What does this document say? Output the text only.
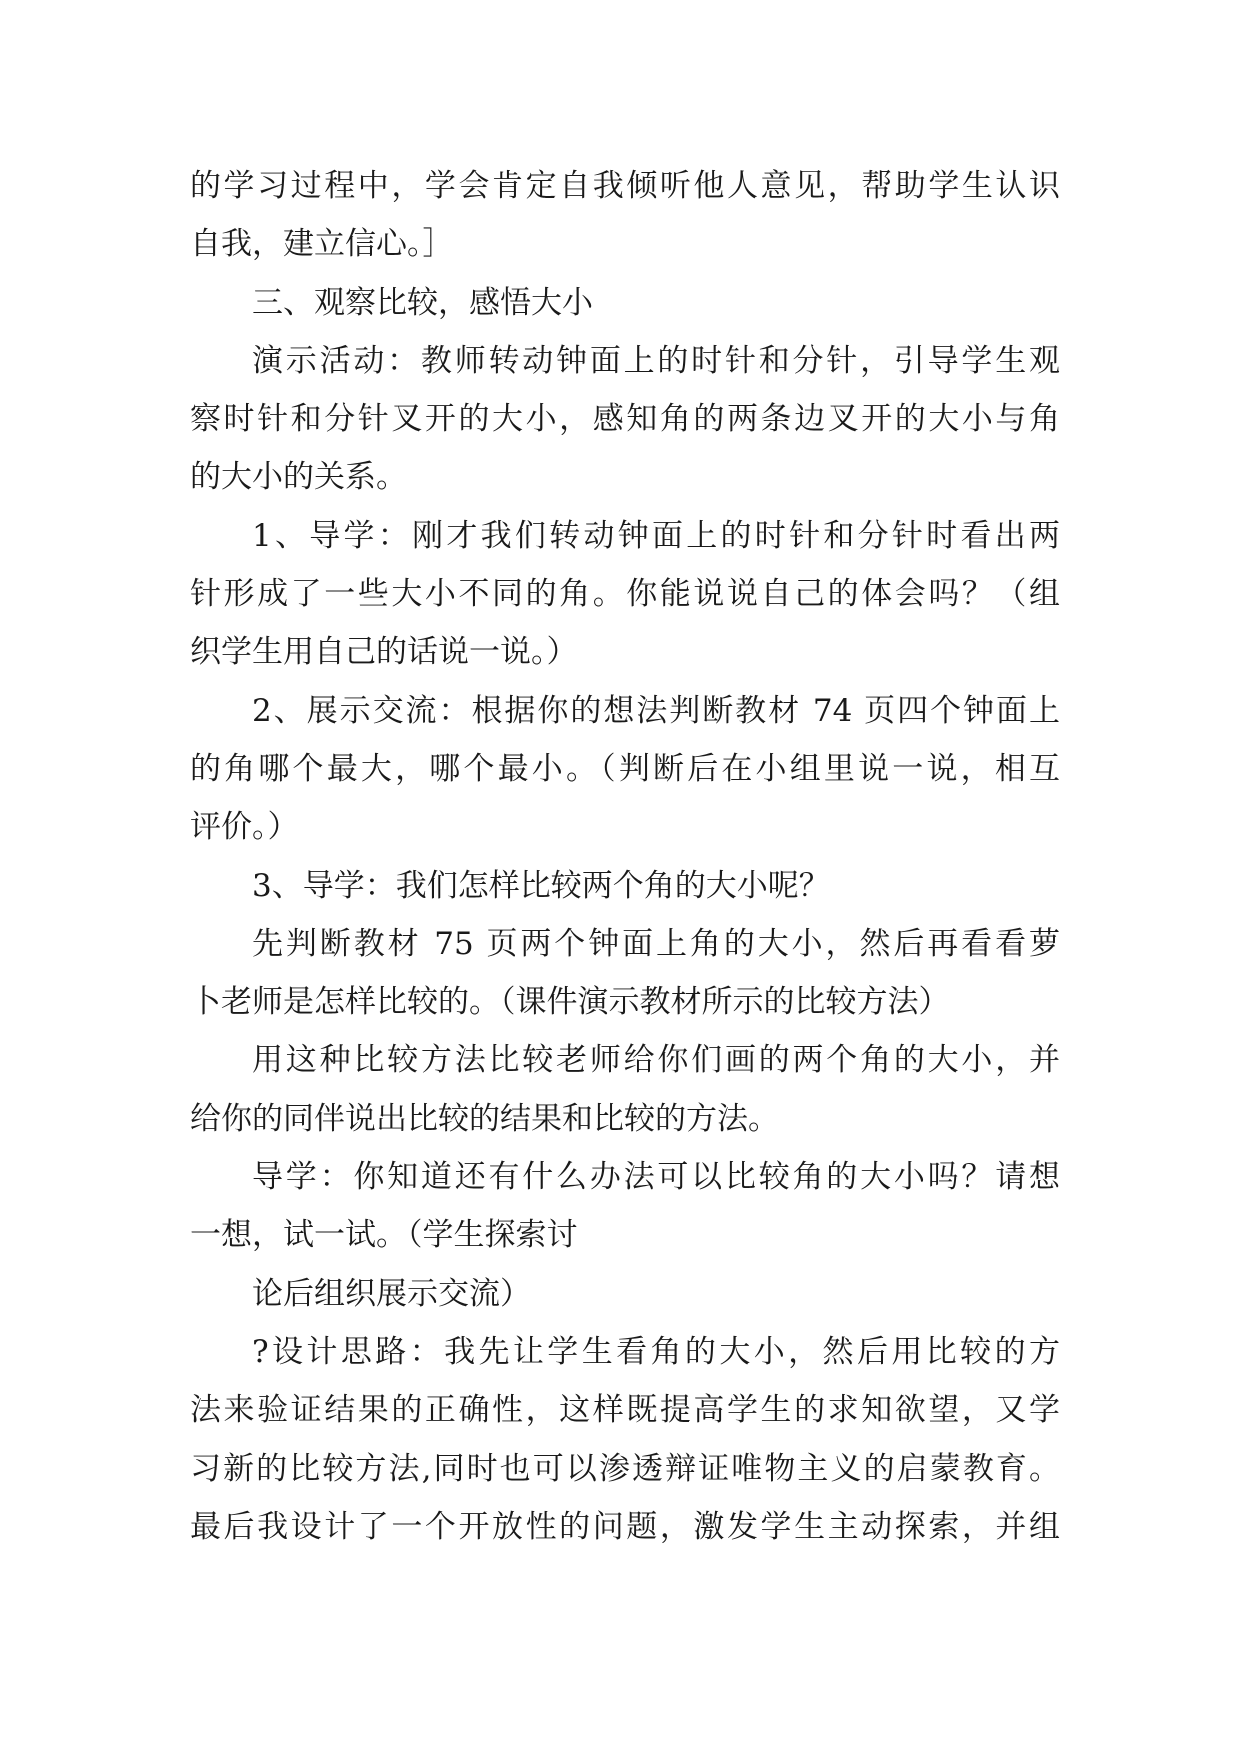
的学习过程中，学会肯定自我倾听他人意见，帮助学生认识
自我，建立信心。］
三、观察比较，感悟大小
演示活动：教师转动钟面上的时针和分针，引导学生观
察时针和分针叉开的大小，感知角的两条边叉开的大小与角
的大小的关系。
1、导学：刚才我们转动钟面上的时针和分针时看出两
针形成了一些大小不同的角。你能说说自己的体会吗？（组
织学生用自己的话说一说。）
2、展示交流：根据你的想法判断教材 74 页四个钟面上
的角哪个最大，哪个最小。（判断后在小组里说一说，相互
评价。）
3、导学：我们怎样比较两个角的大小呢？
先判断教材 75 页两个钟面上角的大小，然后再看看萝
卜老师是怎样比较的。（课件演示教材所示的比较方法）
用这种比较方法比较老师给你们画的两个角的大小，并
给你的同伴说出比较的结果和比较的方法。
导学：你知道还有什么办法可以比较角的大小吗？请想
一想，试一试。（学生探索讨
论后组织展示交流）
?设计思路：我先让学生看角的大小，然后用比较的方
法来验证结果的正确性，这样既提高学生的求知欲望，又学
习新的比较方法,同时也可以渗透辩证唯物主义的启蒙教育。
最后我设计了一个开放性的问题，激发学生主动探索，并组
